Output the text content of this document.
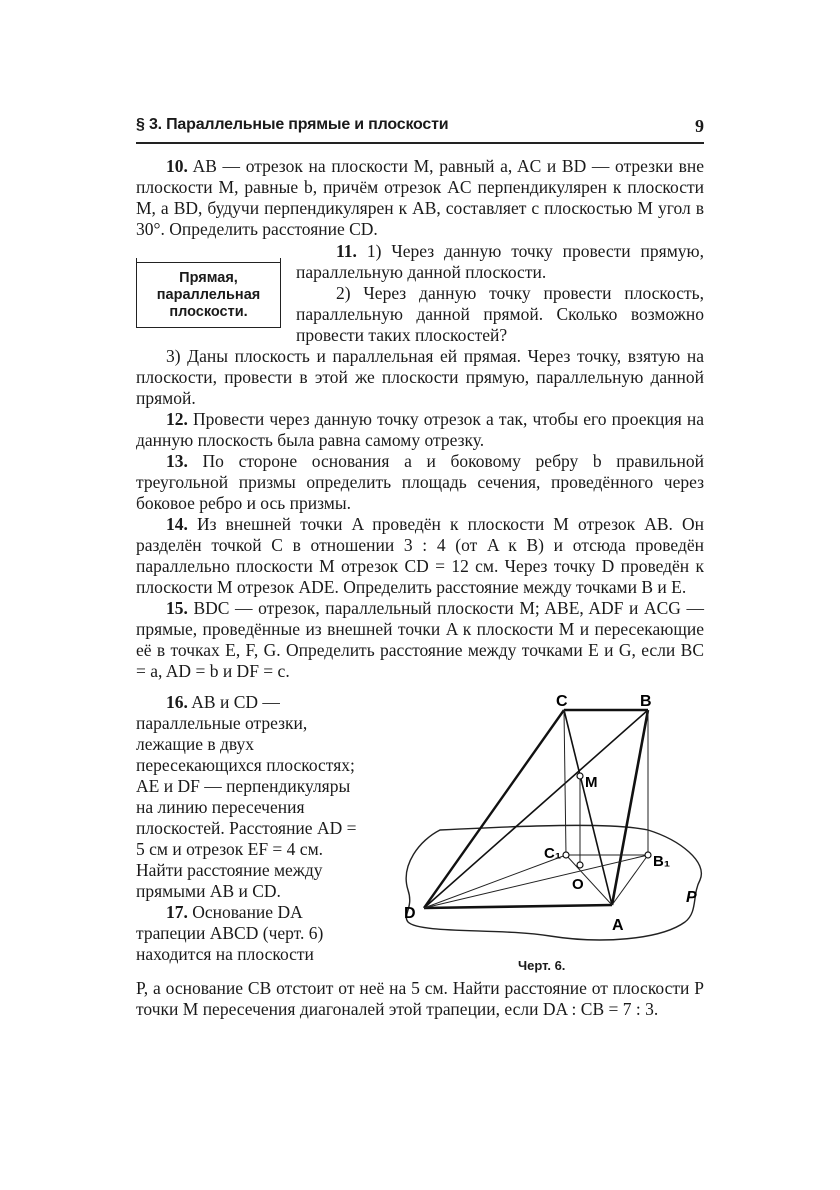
§ 3. Параллельные прямые и плоскости	9

10. AB — отрезок на плоскости M, равный a, AC и BD — отрезки вне плоскости M, равные b, причём отрезок AC перпендикулярен к плоскости M, а BD, будучи перпендикулярен к AB, составляет с плоскостью M угол в 30°. Определить расстояние CD.

Прямая, параллельная плоскости.

11. 1) Через данную точку провести прямую, параллельную данной плоскости.

2) Через данную точку провести плоскость, параллельную данной прямой. Сколько возможно провести таких плоскостей?

3) Даны плоскость и параллельная ей прямая. Через точку, взятую на плоскости, провести в этой же плоскости прямую, параллельную данной прямой.

12. Провести через данную точку отрезок a так, чтобы его проекция на данную плоскость была равна самому отрезку.

13. По стороне основания a и боковому ребру b правильной треугольной призмы определить площадь сечения, проведённого через боковое ребро и ось призмы.

14. Из внешней точки A проведён к плоскости M отрезок AB. Он разделён точкой C в отношении 3 : 4 (от A к B) и отсюда проведён параллельно плоскости M отрезок CD = 12 см. Через точку D проведён к плоскости M отрезок ADE. Определить расстояние между точками B и E.

15. BDC — отрезок, параллельный плоскости M; ABE, ADF и ACG — прямые, проведённые из внешней точки A к плоскости M и пересекающие её в точках E, F, G. Определить расстояние между точками E и G, если BC = a, AD = b и DF = c.

16. AB и CD — параллельные отрезки, лежащие в двух пересекающихся плоскостях; AE и DF — перпендикуляры на линию пересечения плоскостей. Расстояние AD = 5 см и отрезок EF = 4 см. Найти расстояние между прямыми AB и CD.

17. Основание DA трапеции ABCD (черт. 6) находится на плоскости

P, а основание CB отстоит от неё на 5 см. Найти расстояние от плоскости P точки M пересечения диагоналей этой трапеции, если DA : CB = 7 : 3.

C	B
M
C₁	B₁
O
D
A
P
Черт. 6.
